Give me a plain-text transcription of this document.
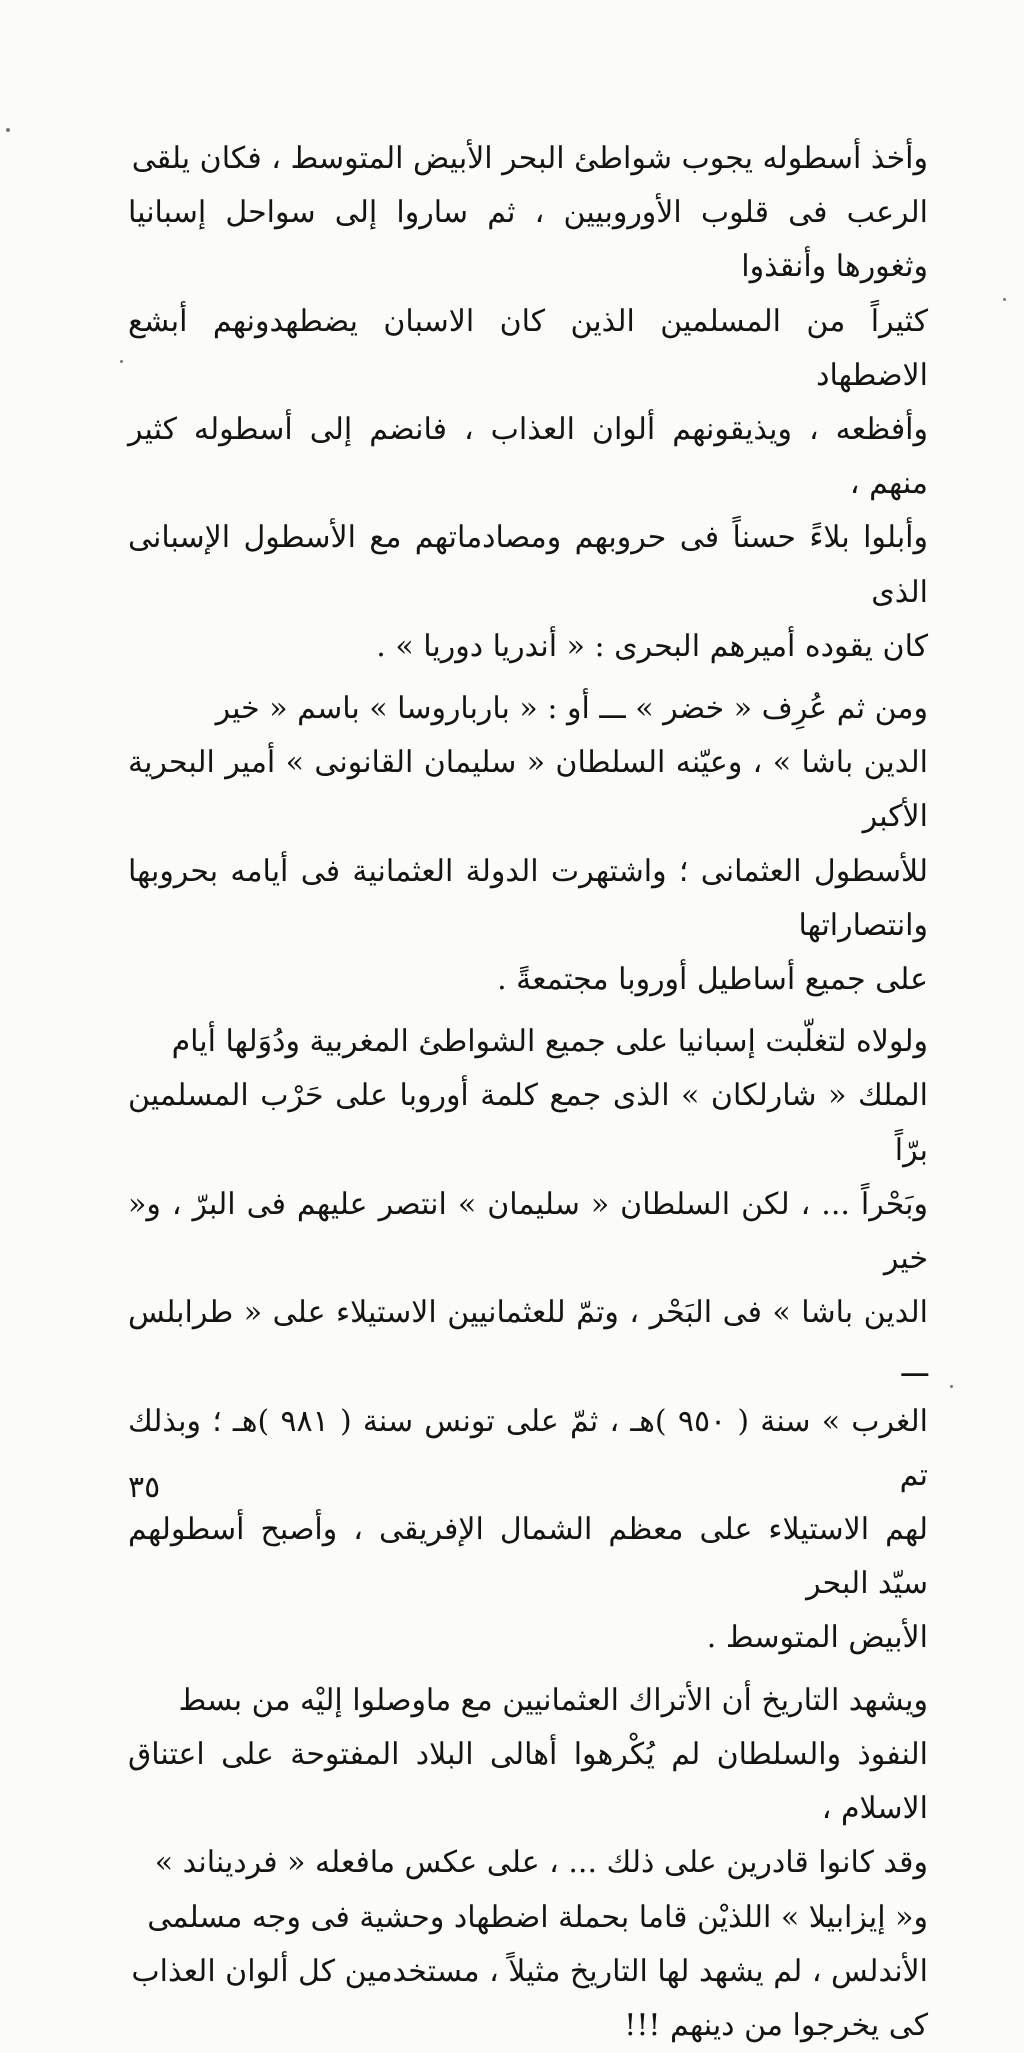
وأخذ أسطوله يجوب شواطئ البحر الأبيض المتوسط ، فكان يلقى
الرعب فى قلوب الأوروبيين ، ثم ساروا إلى سواحل إسبانيا وثغورها وأنقذوا
كثيراً من المسلمين الذين كان الاسبان يضطهدونهم أبشع الاضطهاد
وأفظعه ، ويذيقونهم ألوان العذاب ، فانضم إلى أسطوله كثير منهم ،
وأبلوا بلاءً حسناً فى حروبهم ومصادماتهم مع الأسطول الإسبانى الذى
كان يقوده أميرهم البحرى : « أندريا دوريا » .

ومن ثم عُرِف « خضر » ـــ أو : « بارباروسا » باسم « خير
الدين باشا » ، وعيّنه السلطان « سليمان القانونى » أمير البحرية الأكبر
للأسطول العثمانى ؛ واشتهرت الدولة العثمانية فى أيامه بحروبها وانتصاراتها
على جميع أساطيل أوروبا مجتمعةً .

ولولاه لتغلّبت إسبانيا على جميع الشواطئ المغربية ودُوَلها أيام
الملك « شارلكان » الذى جمع كلمة أوروبا على حَرْب المسلمين برّاً
وبَحْراً ... ، لكن السلطان « سليمان » انتصر عليهم فى البرّ ، و« خير
الدين باشا » فى البَحْر ، وتمّ للعثمانيين الاستيلاء على « طرابلس ـــ
الغرب » سنة ( ٩٥٠ )هـ ، ثمّ على تونس سنة ( ٩٨١ )هـ ؛ وبذلك تم
لهم الاستيلاء على معظم الشمال الإفريقى ، وأصبح أسطولهم سيّد البحر
الأبيض المتوسط .

ويشهد التاريخ أن الأتراك العثمانيين مع ماوصلوا إليْه من بسط
النفوذ والسلطان لم يُكْرهوا أهالى البلاد المفتوحة على اعتناق الاسلام ،
وقد كانوا قادرين على ذلك ... ، على عكس مافعله « فرديناند »
و« إيزابيلا » اللذيْن قاما بحملة اضطهاد وحشية فى وجه مسلمى
الأندلس ، لم يشهد لها التاريخ مثيلاً ، مستخدمين كل ألوان العذاب
كى يخرجوا من دينهم !!!

٣٥
